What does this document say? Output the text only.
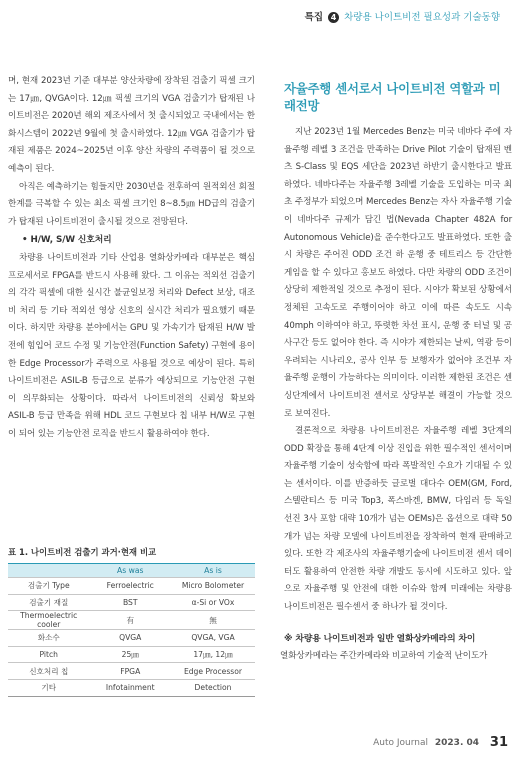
특집 4 차량용 나이트비전 필요성과 기술동향

며, 현재 2023년 기준 대부분 양산차량에 장착된 검출기 픽셀 크기는 17㎛, QVGA이다. 12㎛ 픽셀 크기의 VGA 검출기가 탑재된 나이트비전은 2020년 해외 제조사에서 첫 출시되었고 국내에서는 한화시스템이 2022년 9월에 첫 출시하였다. 12㎛ VGA 검출기가 탑재된 제품은 2024~2025년 이후 양산 차량의 주력품이 될 것으로 예측이 된다.

아직은 예측하기는 힘들지만 2030년을 전후하여 원적외선 회절 한계를 극복할 수 있는 최소 픽셀 크기인 8~8.5㎛ HD급의 검출기가 탑재된 나이트비전이 출시될 것으로 전망된다.

• H/W, S/W 신호처리

차량용 나이트비전과 기타 산업용 열화상카메라 대부분은 핵심 프로세서로 FPGA를 반드시 사용해 왔다. 그 이유는 적외선 검출기의 각각 픽셀에 대한 실시간 불균일보정 처리와 Defect 보상, 대조비 처리 등 기타 적외선 영상 신호의 실시간 처리가 필요했기 때문이다. 하지만 차량용 분야에서는 GPU 및 가속기가 탑재된 H/W 발전에 힘입어 코드 수정 및 기능안전(Function Safety) 구현에 용이한 Edge Processor가 주력으로 사용될 것으로 예상이 된다. 특히 나이트비전은 ASIL-B 등급으로 분류가 예상되므로 기능안전 구현이 의무화되는 상황이다. 따라서 나이트비전의 신뢰성 확보와 ASIL-B 등급 만족을 위해 HDL 코드 구현보다 칩 내부 H/W로 구현이 되어 있는 기능안전 로직을 반드시 활용하여야 한다.

표 1. 나이트비전 검출기 과거·현재 비교
	As was	As is
검출기 Type	Ferroelectric	Micro Bolometer
검출기 재질	BST	α-Si or VOx
Thermoelectric cooler	有	無
화소수	QVGA	QVGA, VGA
Pitch	25㎛	17㎛, 12㎛
신호처리 칩	FPGA	Edge Processor
기타	Infotainment	Detection
자율주행 센서로서 나이트비전 역할과 미래전망

지난 2023년 1월 Mercedes Benz는 미국 네바다 주에 자율주행 레벨 3 조건을 만족하는 Drive Pilot 기술이 탑재된 벤츠 S-Class 및 EQS 세단을 2023년 하반기 출시한다고 발표하였다. 네바다주는 자율주행 3레벨 기술을 도입하는 미국 최초 주정부가 되었으며 Mercedes Benz는 자사 자율주행 기술이 네바다주 규제가 담긴 법(Nevada Chapter 482A for Autonomous Vehicle)을 준수한다고도 발표하였다. 또한 출시 차량은 주어진 ODD 조건 하 운행 중 테트리스 등 간단한 게임을 할 수 있다고 홍보도 하였다. 다만 차량의 ODD 조건이 상당히 제한적일 것으로 추정이 된다. 시야가 확보된 상황에서 정체된 고속도로 주행이어야 하고 이에 따른 속도도 시속 40mph 이하여야 하고, 뚜렷한 차선 표시, 운행 중 터널 및 공사구간 등도 없어야 한다. 즉 시야가 제한되는 날씨, 역광 등이 우려되는 시나리오, 공사 인부 등 보행자가 없어야 조건부 자율주행 운행이 가능하다는 의미이다. 이러한 제한된 조건은 센싱단계에서 나이트비전 센서로 상당부분 해결이 가능할 것으로 보여진다.

결론적으로 차량용 나이트비전은 자율주행 레벨 3단계의 ODD 확장을 통해 4단계 이상 진입을 위한 필수적인 센서이며 자율주행 기술이 성숙함에 따라 폭발적인 수요가 기대될 수 있는 센서이다. 이를 반증하듯 글로벌 대다수 OEM(GM, Ford, 스텔란티스 등 미국 Top3, 폭스바겐, BMW, 다임러 등 독일 선진 3사 포함 대략 10개가 넘는 OEMs)은 옵션으로 대략 50개가 넘는 차량 모델에 나이트비전을 장착하여 현재 판매하고 있다. 또한 각 제조사의 자율주행기술에 나이트비전 센서 데이터도 활용하여 안전한 차량 개발도 동시에 시도하고 있다. 앞으로 자율주행 및 안전에 대한 이슈와 함께 미래에는 차량용 나이트비전은 필수센서 중 하나가 될 것이다.

※ 차량용 나이트비전과 일반 열화상카메라의 차이

열화상카메라는 주간카메라와 비교하여 기술적 난이도가

Auto Journal 2023. 04 31
